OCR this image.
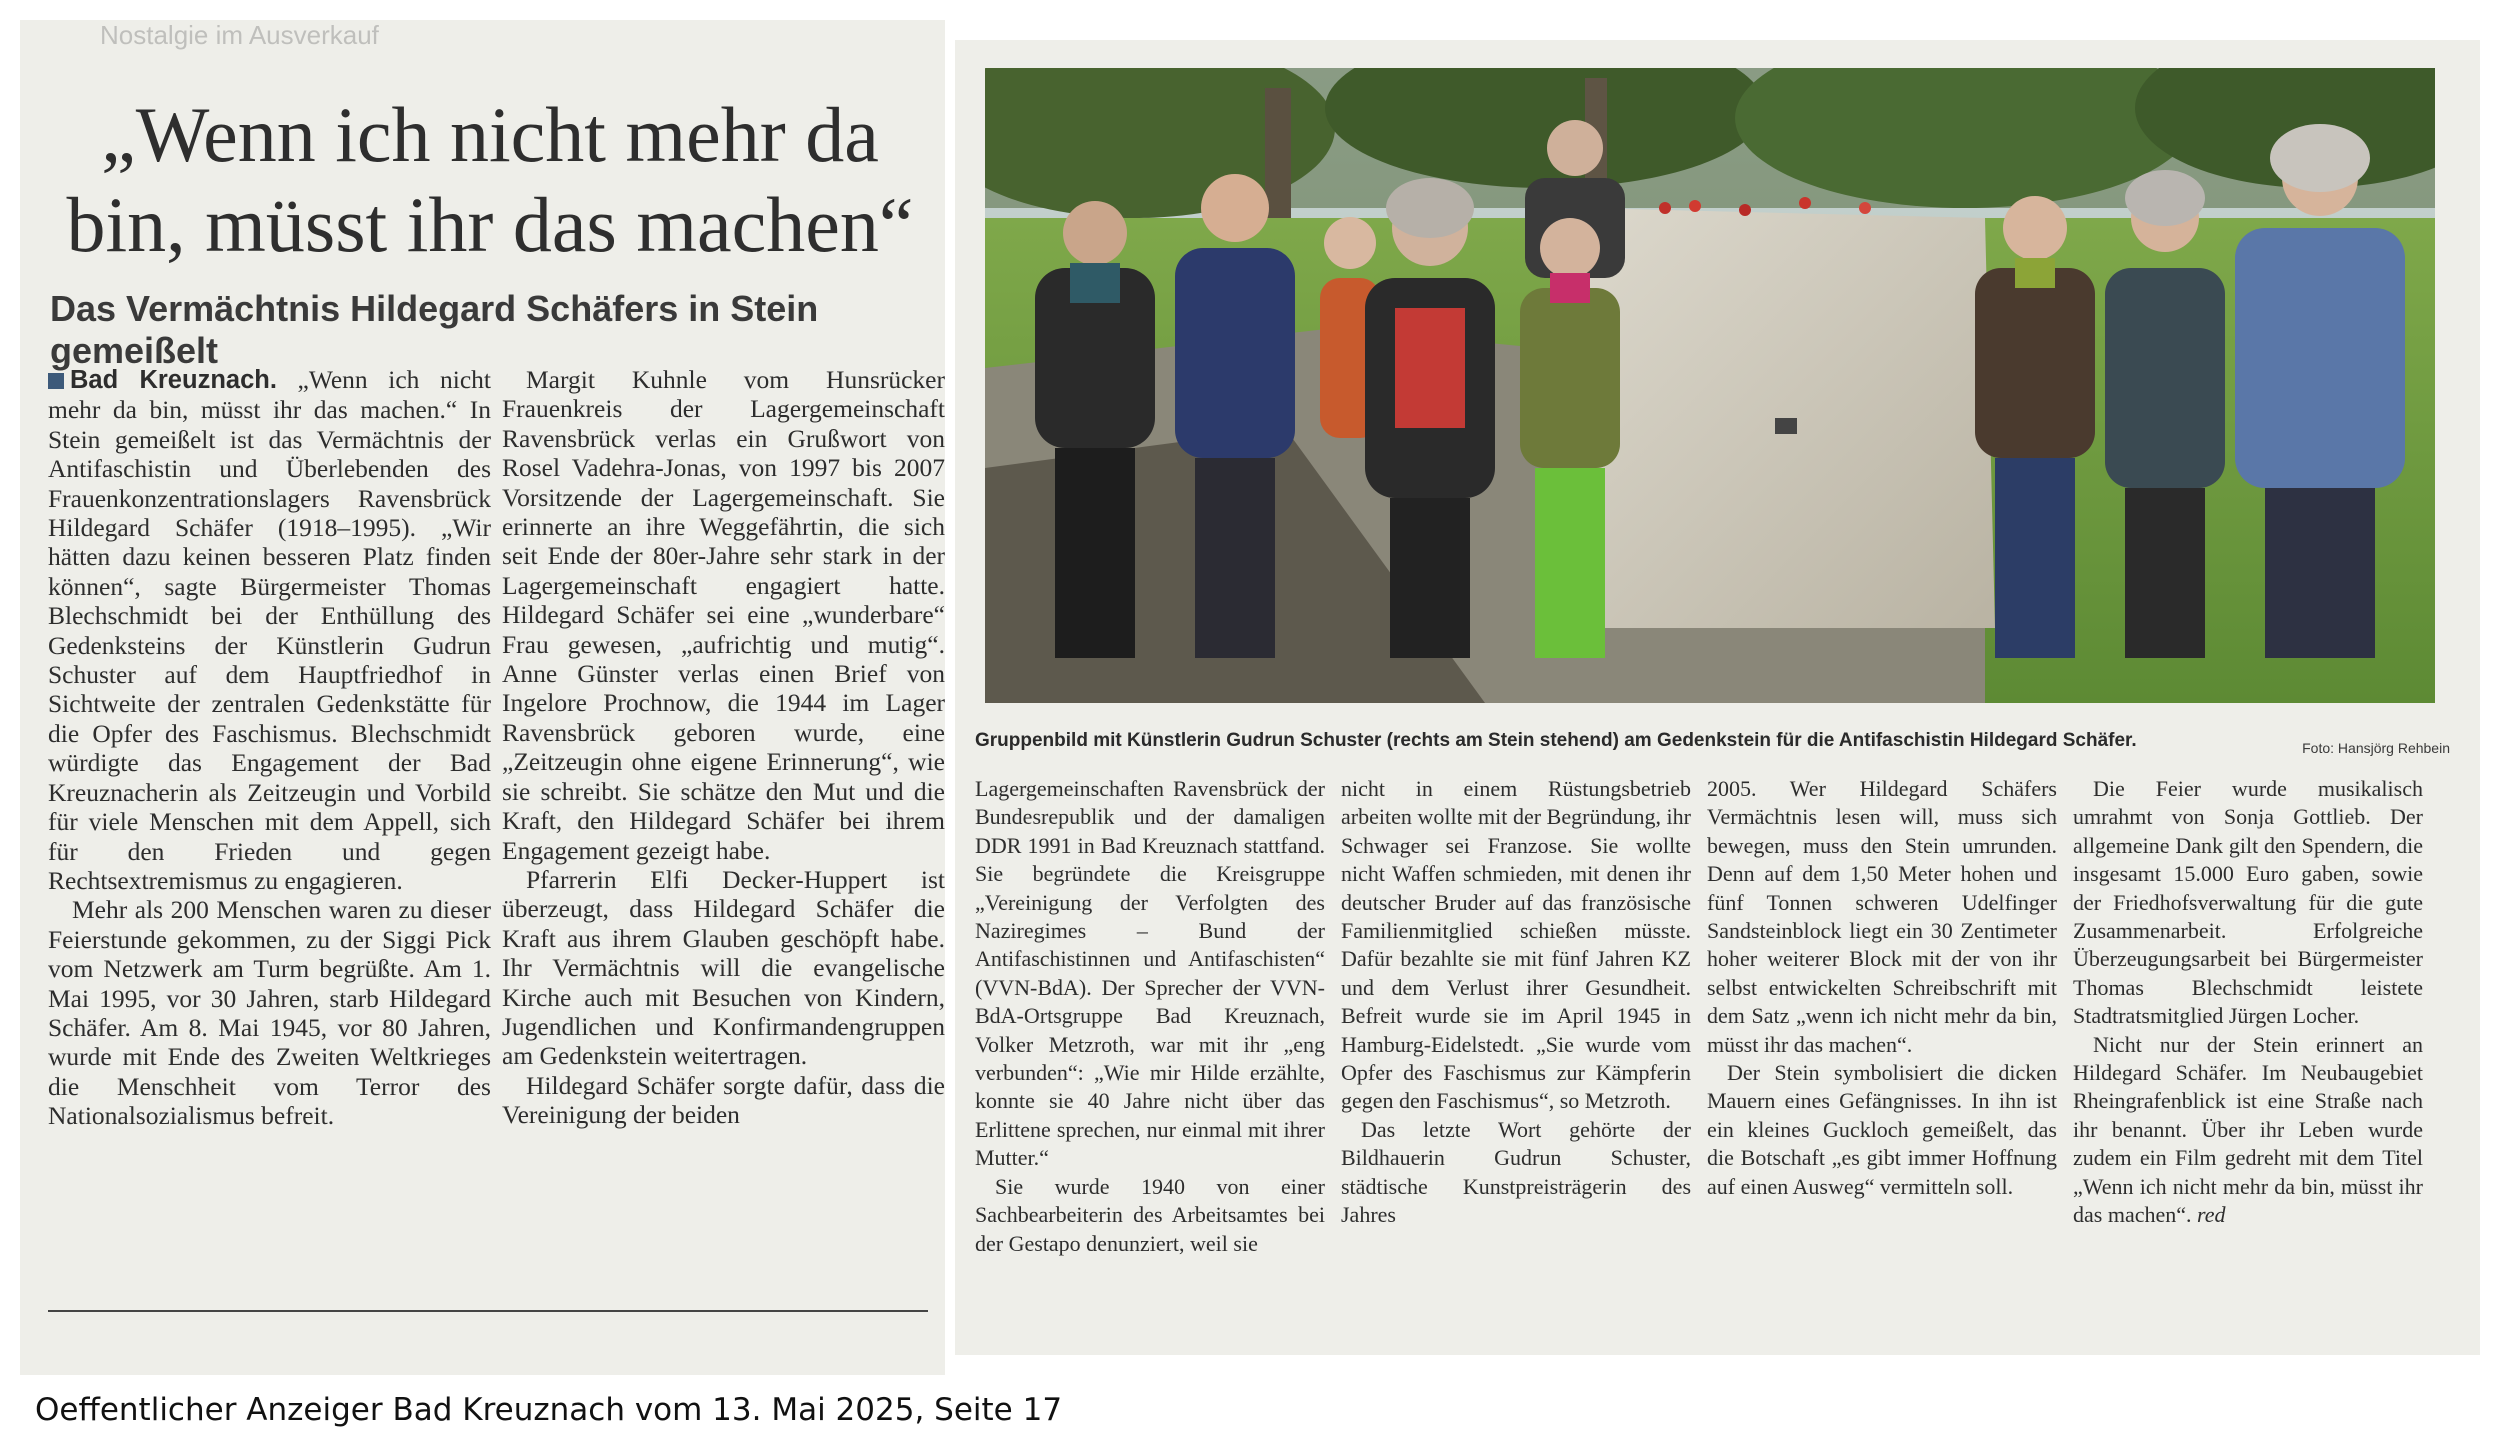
Nostalgie im Ausverkauf
„Wenn ich nicht mehr da bin, müsst ihr das machen“
Das Vermächtnis Hildegard Schäfers in Stein gemeißelt

Bad Kreuznach. „Wenn ich nicht mehr da bin, müsst ihr das machen.“ In Stein gemeißelt ist das Vermächtnis der Antifaschistin und Überlebenden des Frauenkonzentrationslagers Ravensbrück Hildegard Schäfer (1918–1995). „Wir hätten dazu keinen besseren Platz finden können“, sagte Bürgermeister Thomas Blechschmidt bei der Enthüllung des Gedenksteins der Künstlerin Gudrun Schuster auf dem Hauptfriedhof in Sichtweite der zentralen Gedenkstätte für die Opfer des Faschismus. Blechschmidt würdigte das Engagement der Bad Kreuznacherin als Zeitzeugin und Vorbild für viele Menschen mit dem Appell, sich für den Frieden und gegen Rechtsextremismus zu engagieren.

Mehr als 200 Menschen waren zu dieser Feierstunde gekommen, zu der Siggi Pick vom Netzwerk am Turm begrüßte. Am 1. Mai 1995, vor 30 Jahren, starb Hildegard Schäfer. Am 8. Mai 1945, vor 80 Jahren, wurde mit Ende des Zweiten Weltkrieges die Menschheit vom Terror des Nationalsozialismus befreit.

Margit Kuhnle vom Hunsrücker Frauenkreis der Lagergemeinschaft Ravensbrück verlas ein Grußwort von Rosel Vadehra-Jonas, von 1997 bis 2007 Vorsitzende der Lagergemeinschaft. Sie erinnerte an ihre Weggefährtin, die sich seit Ende der 80er-Jahre sehr stark in der Lagergemeinschaft engagiert hatte. Hildegard Schäfer sei eine „wunderbare“ Frau gewesen, „aufrichtig und mutig“. Anne Günster verlas einen Brief von Ingelore Prochnow, die 1944 im Lager Ravensbrück geboren wurde, eine „Zeitzeugin ohne eigene Erinnerung“, wie sie schreibt. Sie schätze den Mut und die Kraft, den Hildegard Schäfer bei ihrem Engagement gezeigt habe.

Pfarrerin Elfi Decker-Huppert ist überzeugt, dass Hildegard Schäfer die Kraft aus ihrem Glauben geschöpft habe. Ihr Vermächtnis will die evangelische Kirche auch mit Besuchen von Kindern, Jugendlichen und Konfirmandengruppen am Gedenkstein weitertragen.

Hildegard Schäfer sorgte dafür, dass die Vereinigung der beiden

Gruppenbild mit Künstlerin Gudrun Schuster (rechts am Stein stehend) am Gedenkstein für die Antifaschistin Hildegard Schäfer.	Foto: Hansjörg Rehbein

Lagergemeinschaften Ravensbrück der Bundesrepublik und der damaligen DDR 1991 in Bad Kreuznach stattfand. Sie begründete die Kreisgruppe „Vereinigung der Verfolgten des Naziregimes – Bund der Antifaschistinnen und Antifaschisten“ (VVN-BdA). Der Sprecher der VVN-BdA-Ortsgruppe Bad Kreuznach, Volker Metzroth, war mit ihr „eng verbunden“: „Wie mir Hilde erzählte, konnte sie 40 Jahre nicht über das Erlittene sprechen, nur einmal mit ihrer Mutter.“

Sie wurde 1940 von einer Sachbearbeiterin des Arbeitsamtes bei der Gestapo denunziert, weil sie

nicht in einem Rüstungsbetrieb arbeiten wollte mit der Begründung, ihr Schwager sei Franzose. Sie wollte nicht Waffen schmieden, mit denen ihr deutscher Bruder auf das französische Familienmitglied schießen müsste. Dafür bezahlte sie mit fünf Jahren KZ und dem Verlust ihrer Gesundheit. Befreit wurde sie im April 1945 in Hamburg-Eidelstedt. „Sie wurde vom Opfer des Faschismus zur Kämpferin gegen den Faschismus“, so Metzroth.

Das letzte Wort gehörte der Bildhauerin Gudrun Schuster, städtische Kunstpreisträgerin des Jahres

2005. Wer Hildegard Schäfers Vermächtnis lesen will, muss sich bewegen, muss den Stein umrunden. Denn auf dem 1,50 Meter hohen und fünf Tonnen schweren Udelfinger Sandsteinblock liegt ein 30 Zentimeter hoher weiterer Block mit der von ihr selbst entwickelten Schreibschrift mit dem Satz „wenn ich nicht mehr da bin, müsst ihr das machen“.

Der Stein symbolisiert die dicken Mauern eines Gefängnisses. In ihn ist ein kleines Guckloch gemeißelt, das die Botschaft „es gibt immer Hoffnung auf einen Ausweg“ vermitteln soll.

Die Feier wurde musikalisch umrahmt von Sonja Gottlieb. Der allgemeine Dank gilt den Spendern, die insgesamt 15.000 Euro gaben, sowie der Friedhofsverwaltung für die gute Zusammenarbeit. Erfolgreiche Überzeugungsarbeit bei Bürgermeister Thomas Blechschmidt leistete Stadtratsmitglied Jürgen Locher.

Nicht nur der Stein erinnert an Hildegard Schäfer. Im Neubaugebiet Rheingrafenblick ist eine Straße nach ihr benannt. Über ihr Leben wurde zudem ein Film gedreht mit dem Titel „Wenn ich nicht mehr da bin, müsst ihr das machen“. red

Oeffentlicher Anzeiger Bad Kreuznach vom 13. Mai 2025, Seite 17
